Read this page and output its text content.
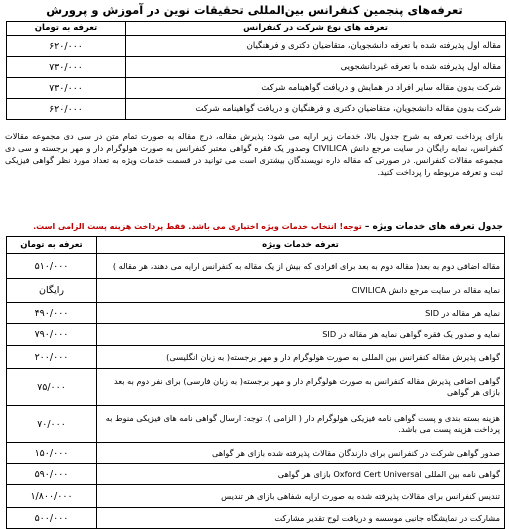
تعرفه‌های پنجمین کنفرانس بین‌المللی تحقیقات نوین در آموزش و پرورش
تعرفه های نوع شرکت در کنفرانس	تعرفه به تومان
مقاله اول پذیرفته شده با تعرفه دانشجویان، متقاضیان دکتری و فرهنگیان	۶۲۰/۰۰۰
مقاله اول پذیرفته شده با تعرفه غیردانشجویی	۷۳۰/۰۰۰
شرکت بدون مقاله سایر افراد در همایش و دریافت گواهینامه شرکت	۷۳۰/۰۰۰
شرکت بدون مقاله دانشجویان، متقاضیان دکتری و فرهنگیان و دریافت گواهینامه شرکت	۶۲۰/۰۰۰
بازای پرداخت تعرفه به شرح جدول بالا، خدمات زیر ارایه می شود: پذیرش مقاله، درج مقاله به صورت تمام متن در سی دی مجموعه مقالات کنفرانس، نمایه رایگان در سایت مرجع دانش CIVILICA وصدور یک فقره گواهی معتبر کنفرانس به صورت هولوگرام دار و مهر برجسته و سی دی مجموعه مقالات کنفرانس. در صورتی که مقاله داره نویسندگان بیشتری است می توانید در قسمت خدمات ویژه به تعداد مورد نظر گواهی فیزیکی ثبت و تعرفه مربوطه را پرداخت کنید.
جدول تعرفه های خدمات ویژه – توجه! انتخاب خدمات ویژه اختیاری می باشد. فقط پرداخت هزینه پست الزامی است.
تعرفه خدمات ویژه	تعرفه به تومان
مقاله اضافی دوم به بعد( مقاله دوم به بعد برای افرادی که بیش از یک مقاله به کنفرانس ارایه می دهند، هر مقاله )	۵۱۰/۰۰۰
نمایه مقاله در سایت مرجع دانش CIVILICA	رایگان
نمایه هر مقاله در SID	۴۹۰/۰۰۰
نمایه و صدور یک فقره گواهی نمایه هر مقاله در SID	۷۹۰/۰۰۰
گواهی پذیرش مقاله کنفرانس بین المللی به صورت هولوگرام دار و مهر برجسته( به زبان انگلیسی)	۲۰۰/۰۰۰
گواهی اضافی پذیرش مقاله کنفرانس به صورت هولوگرام دار و مهر برجسته( به زبان فارسی) برای نفر دوم به بعد بازای هر گواهی	۷۵/۰۰۰
هزینه بسته بندی و پست گواهی نامه فیزیکی هولوگرام دار ( الزامی ). توجه: ارسال گواهی نامه های فیزیکی منوط به پرداخت هزینه پست می باشد.	۷۰/۰۰۰
صدور گواهی شرکت در کنفرانس برای دارندگان مقالات پذیرفته شده بازای هر گواهی	۱۵۰/۰۰۰
گواهی نامه بین المللی Oxford Cert Universal بازای هر گواهی	۵۹۰/۰۰۰
تندیس کنفرانس برای مقالات پذیرفته شده به صورت ارایه شفاهی بازای هر تندیس	۱/۸۰۰/۰۰۰
مشارکت در نمایشگاه جانبی موسسه و دریافت لوح تقدیر مشارکت	۵۰۰/۰۰۰
